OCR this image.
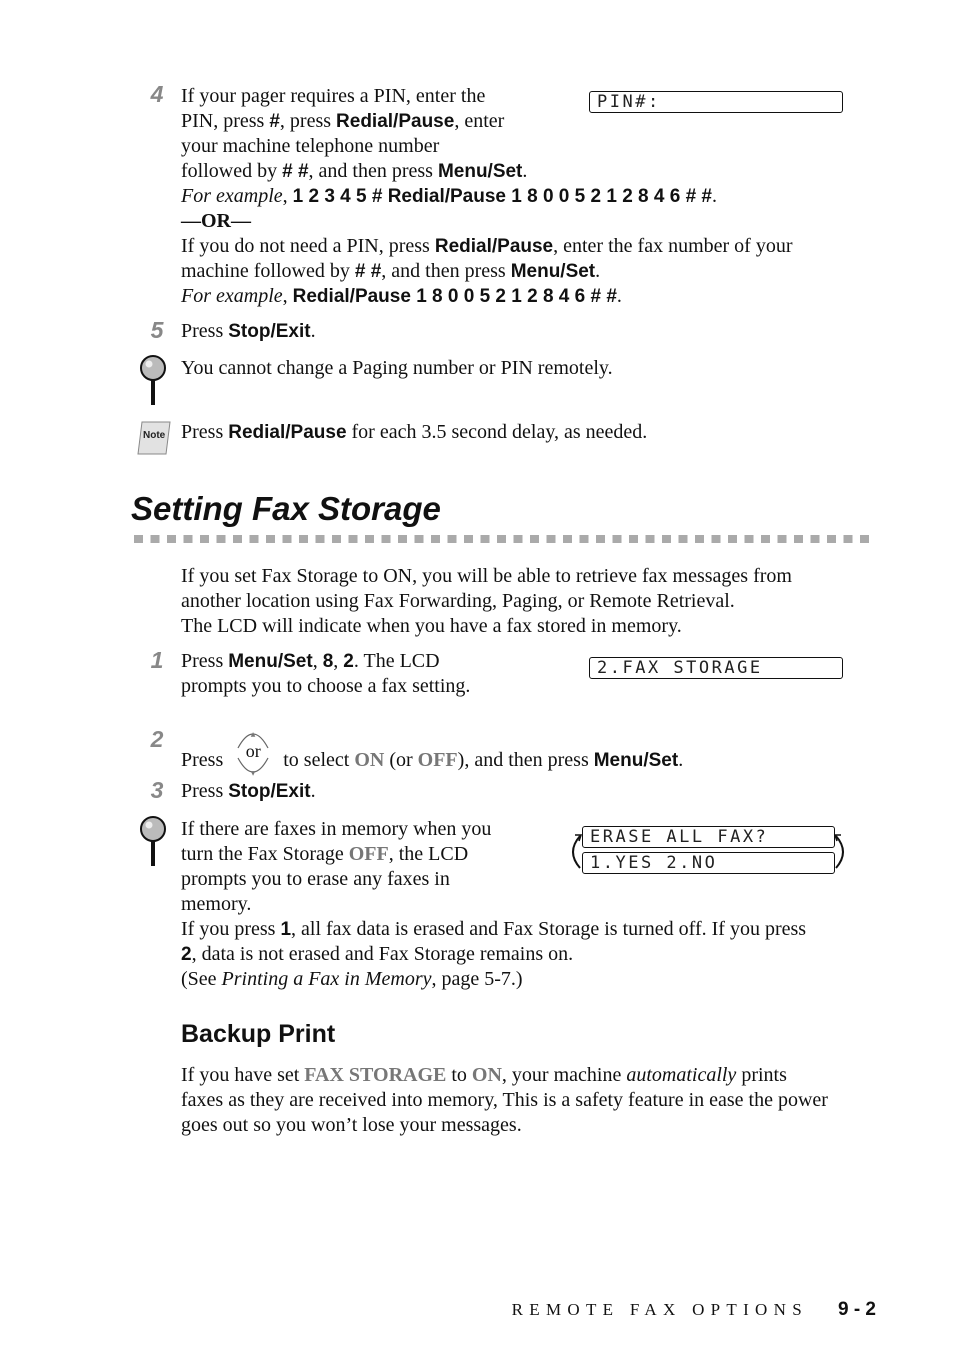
4 If your pager requires a PIN, enter the
PIN, press #, press Redial/Pause, enter
your machine telephone number
followed by # #, and then press Menu/Set.
For example, 1 2 3 4 5 # Redial/Pause 1 8 0 0 5 2 1 2 8 4 6 # #.
—OR—
If you do not need a PIN, press Redial/Pause, enter the fax number of your
machine followed by # #, and then press Menu/Set.
For example, Redial/Pause 1 8 0 0 5 2 1 2 8 4 6 # #.
PIN#:
5 Press Stop/Exit.
You cannot change a Paging number or PIN remotely.
Note Press Redial/Pause for each 3.5 second delay, as needed.
Setting Fax Storage
If you set Fax Storage to ON, you will be able to retrieve fax messages from
another location using Fax Forwarding, Paging, or Remote Retrieval.
The LCD will indicate when you have a fax stored in memory.
1 Press Menu/Set, 8, 2. The LCD
prompts you to choose a fax setting.
2.FAX STORAGE
2
Press
▲
▼
or	to select ON (or OFF), and then press Menu/Set.
3 Press Stop/Exit.
If there are faxes in memory when you
turn the Fax Storage OFF, the LCD
prompts you to erase any faxes in
memory.
If you press 1, all fax data is erased and Fax Storage is turned off. If you press
2, data is not erased and Fax Storage remains on.
(See Printing a Fax in Memory, page 5-7.)
ERASE ALL FAX?
1.YES 2.NO
Backup Print
If you have set FAX STORAGE to ON, your machine automatically prints
faxes as they are received into memory, This is a safety feature in ease the power
goes out so you won’t lose your messages.
REMOTE FAX OPTIONS 9 - 2
